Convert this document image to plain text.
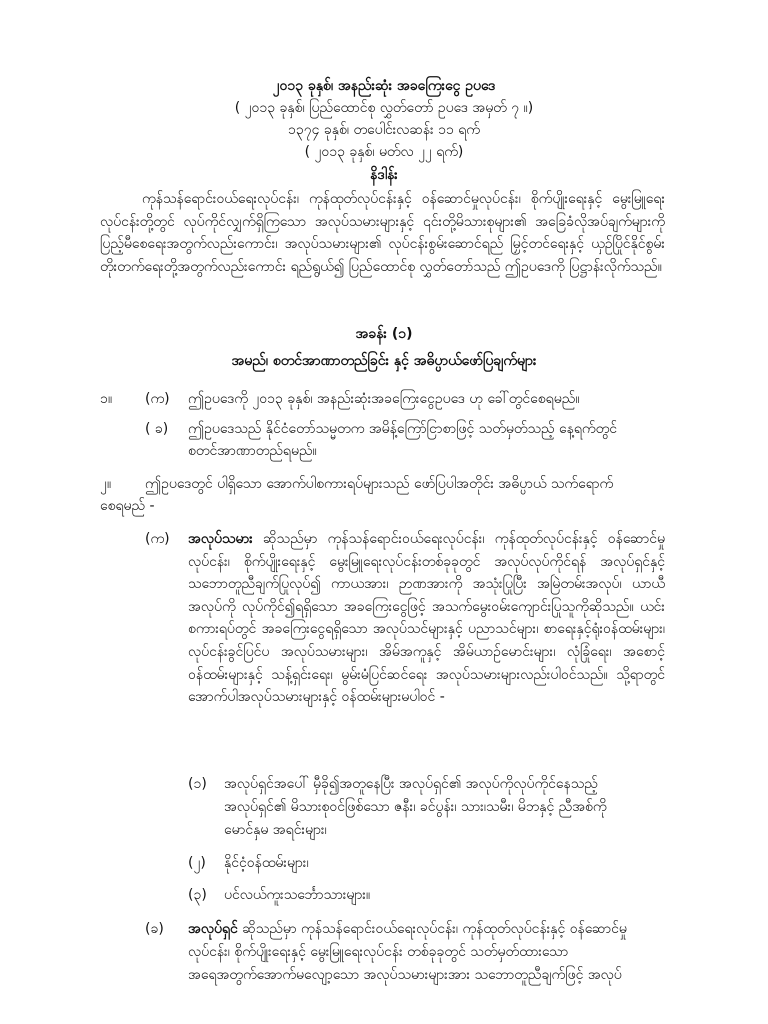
၂၀၁၃ ခုနှစ်၊ အနည်းဆုံး အခကြေးငွေ ဥပဒေ
( ၂၀၁၃ ခုနှစ်၊ ပြည်ထောင်စု လွှတ်တော် ဥပဒေ အမှတ် ၇ ။)
၁၃၇၄ ခုနှစ်၊ တပေါင်းလဆန်း ၁၁ ရက်
( ၂၀၁၃ ခုနှစ်၊ မတ်လ ၂၂ ရက်)
နိဒါန်း
ကုန်သန်ရောင်းဝယ်ရေးလုပ်ငန်း၊ ကုန်ထုတ်လုပ်ငန်းနှင့် ဝန်ဆောင်မှုလုပ်ငန်း၊ စိုက်ပျိုးရေးနှင့် မွေးမြူရေးလုပ်ငန်းတို့တွင် လုပ်ကိုင်လျှက်ရှိကြသော အလုပ်သမားများနှင့် ၎င်းတို့မိသားစုများ၏ အခြေခံလိုအပ်ချက်များကို ပြည့်မီစေရေးအတွက်လည်းကောင်း၊ အလုပ်သမားများ၏ လုပ်ငန်းစွမ်းဆောင်ရည် မြှင့်တင်ရေးနှင့် ယှဉ်ပြိုင်နိုင်စွမ်း တိုးတက်ရေးတို့အတွက်လည်းကောင်း ရည်ရွယ်၍ ပြည်ထောင်စု လွှတ်တော်သည် ဤဥပဒေကို ပြဋ္ဌာန်းလိုက်သည်။
အခန်း (၁)
အမည်၊ စတင်အာဏာတည်ခြင်း နှင့် အဓိပ္ပာယ်ဖော်ပြချက်များ
၁။ (က) ဤဥပဒေကို ၂၀၁၃ ခုနှစ်၊ အနည်းဆုံးအခကြေးငွေဥပဒေ ဟု ခေါ်တွင်စေရမည်။
( ခ) ဤဥပဒေသည် နိုင်ငံတော်သမ္မတက အမိန့်ကြော်ငြာစာဖြင့် သတ်မှတ်သည့် နေ့ရက်တွင်
စတင်အာဏာတည်ရမည်။
၂။ ဤဥပဒေတွင် ပါရှိသော အောက်ပါစကားရပ်များသည် ဖော်ပြပါအတိုင်း အဓိပ္ပာယ် သက်ရောက်
စေရမည် -
(က) အလုပ်သမား ဆိုသည်မှာ ကုန်သန်ရောင်းဝယ်ရေးလုပ်ငန်း၊ ကုန်ထုတ်လုပ်ငန်းနှင့် ဝန်ဆောင်မှုလုပ်ငန်း၊ စိုက်ပျိုးရေးနှင့် မွေးမြူရေးလုပ်ငန်းတစ်ခုခုတွင် အလုပ်လုပ်ကိုင်ရန် အလုပ်ရှင်နှင့် သဘောတူညီချက်ပြုလုပ်၍ ကာယအား၊ ဉာဏအားကို အသုံးပြုပြီး အမြဲတမ်းအလုပ်၊ ယာယီအလုပ်ကို လုပ်ကိုင်၍ရရှိသော အခကြေးငွေဖြင့် အသက်မွေးဝမ်းကျောင်းပြုသူကိုဆိုသည်။ ယင်းစကားရပ်တွင် အခကြေးငွေရရှိသော အလုပ်သင်များနှင့် ပညာသင်များ၊ စာရေးနှင့်ရုံးဝန်ထမ်းများ၊ လုပ်ငန်းခွင်ပြင်ပ အလုပ်သမားများ၊ အိမ်အကူနှင့် အိမ်ယာဉ်မောင်းများ၊ လုံခြုံရေး၊ အစောင့်ဝန်ထမ်းများနှင့် သန့်ရှင်းရေး၊ မွမ်းမံပြင်ဆင်ရေး အလုပ်သမားများလည်းပါဝင်သည်။ သို့ရာတွင် အောက်ပါအလုပ်သမားများနှင့် ဝန်ထမ်းများမပါဝင် -
(၁) အလုပ်ရှင်အပေါ် မှီခို၍အတူနေပြီး အလုပ်ရှင်၏ အလုပ်ကိုလုပ်ကိုင်နေသည့်
အလုပ်ရှင်၏ မိသားစုဝင်ဖြစ်သော ဇနီး၊ ခင်ပွန်း၊ သား၊သမီး၊ မိဘနှင့် ညီအစ်ကို
မောင်နှမ အရင်းများ၊
(၂) နိုင်ငံ့ဝန်ထမ်းများ၊
(၃) ပင်လယ်ကူးသင်္ဘောသားများ။
(ခ) အလုပ်ရှင် ဆိုသည်မှာ ကုန်သန်ရောင်းဝယ်ရေးလုပ်ငန်း၊ ကုန်ထုတ်လုပ်ငန်းနှင့် ဝန်ဆောင်မှု
လုပ်ငန်း၊ စိုက်ပျိုးရေးနှင့် မွေးမြူရေးလုပ်ငန်း တစ်ခုခုတွင် သတ်မှတ်ထားသော
အရေအတွက်အောက်မလျော့သော အလုပ်သမားများအား သဘောတူညီချက်ဖြင့် အလုပ်
